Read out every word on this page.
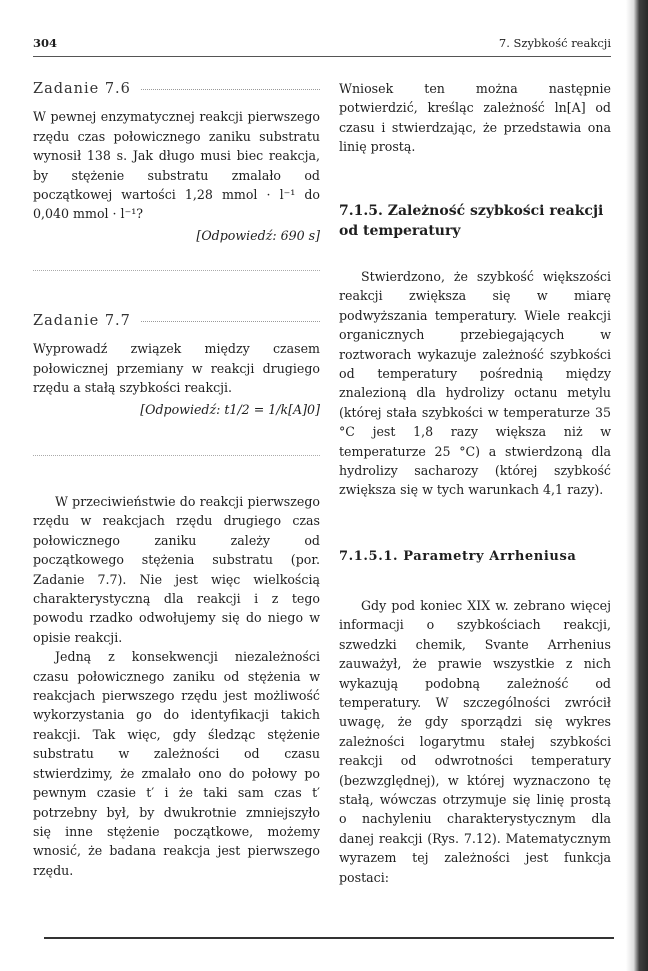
304	7. Szybkość reakcji
Zadanie 7.6

W pewnej enzymatycznej reakcji pierwszego rzędu czas połowicznego zaniku substratu wynosił 138 s. Jak długo musi biec reakcja, by stężenie substratu zmalało od początkowej wartości 1,28 mmol · l⁻¹ do 0,040 mmol · l⁻¹?

[Odpowiedź: 690 s]
Zadanie 7.7

Wyprowadź związek między czasem połowicznej przemiany w reakcji drugiego rzędu a stałą szybkości reakcji.

[Odpowiedź: t1/2 = 1/k[A]0]

W przeciwieństwie do reakcji pierwszego rzędu w reakcjach rzędu drugiego czas połowicznego zaniku zależy od początkowego stężenia substratu (por. Zadanie 7.7). Nie jest więc wielkością charakterystyczną dla reakcji i z tego powodu rzadko odwołujemy się do niego w opisie reakcji.

Jedną z konsekwencji niezależności czasu połowicznego zaniku od stężenia w reakcjach pierwszego rzędu jest możliwość wykorzystania go do identyfikacji takich reakcji. Tak więc, gdy śledząc stężenie substratu w zależności od czasu stwierdzimy, że zmalało ono do połowy po pewnym czasie t′ i że taki sam czas t′ potrzebny był, by dwukrotnie zmniejszyło się inne stężenie początkowe, możemy wnosić, że badana reakcja jest pierwszego rzędu.

Wniosek ten można następnie potwierdzić, kreśląc zależność ln[A] od czasu i stwierdzając, że przedstawia ona linię prostą.

7.1.5. Zależność szybkości reakcji od temperatury

Stwierdzono, że szybkość większości reakcji zwiększa się w miarę podwyższania temperatury. Wiele reakcji organicznych przebiegających w roztworach wykazuje zależność szybkości od temperatury pośrednią między znalezioną dla hydrolizy octanu metylu (której stała szybkości w temperaturze 35 °C jest 1,8 razy większa niż w temperaturze 25 °C) a stwierdzoną dla hydrolizy sacharozy (której szybkość zwiększa się w tych warunkach 4,1 razy).

7.1.5.1. Parametry Arrheniusa

Gdy pod koniec XIX w. zebrano więcej informacji o szybkościach reakcji, szwedzki chemik, Svante Arrhenius zauważył, że prawie wszystkie z nich wykazują podobną zależność od temperatury. W szczególności zwrócił uwagę, że gdy sporządzi się wykres zależności logarytmu stałej szybkości reakcji od odwrotności temperatury (bezwzględnej), w której wyznaczono tę stałą, wówczas otrzymuje się linię prostą o nachyleniu charakterystycznym dla danej reakcji (Rys. 7.12). Matematycznym wyrazem tej zależności jest funkcja postaci:
